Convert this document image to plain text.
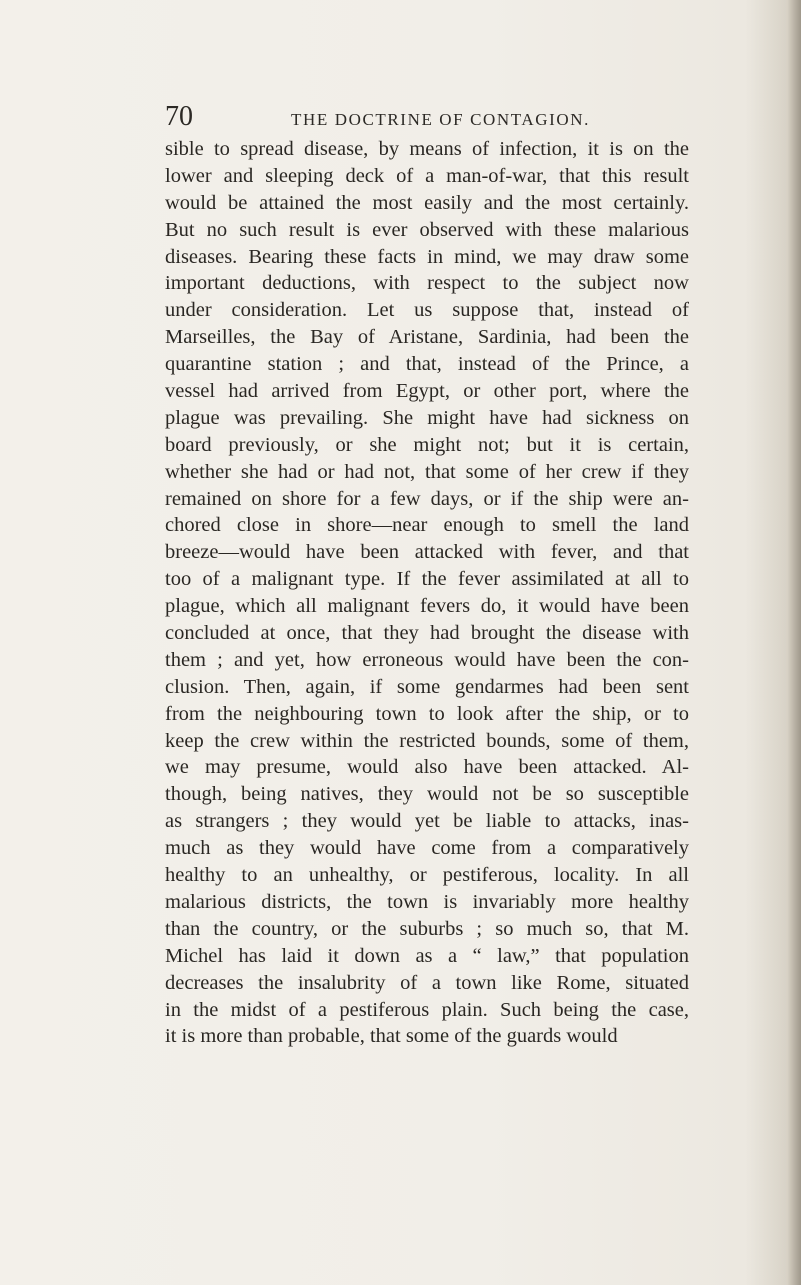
70	THE DOCTRINE OF CONTAGION.
sible to spread disease, by means of infection, it is on the
lower and sleeping deck of a man-of-war, that this result
would be attained the most easily and the most certainly.
But no such result is ever observed with these malarious
diseases. Bearing these facts in mind, we may draw some
important deductions, with respect to the subject now
under consideration. Let us suppose that, instead of
Marseilles, the Bay of Aristane, Sardinia, had been the
quarantine station ; and that, instead of the Prince, a
vessel had arrived from Egypt, or other port, where the
plague was prevailing. She might have had sickness on
board previously, or she might not; but it is certain,
whether she had or had not, that some of her crew if they
remained on shore for a few days, or if the ship were an-
chored close in shore—near enough to smell the land
breeze—would have been attacked with fever, and that
too of a malignant type. If the fever assimilated at all to
plague, which all malignant fevers do, it would have been
concluded at once, that they had brought the disease with
them ; and yet, how erroneous would have been the con-
clusion. Then, again, if some gendarmes had been sent
from the neighbouring town to look after the ship, or to
keep the crew within the restricted bounds, some of them,
we may presume, would also have been attacked. Al-
though, being natives, they would not be so susceptible
as strangers ; they would yet be liable to attacks, inas-
much as they would have come from a comparatively
healthy to an unhealthy, or pestiferous, locality. In all
malarious districts, the town is invariably more healthy
than the country, or the suburbs ; so much so, that M.
Michel has laid it down as a “ law,” that population
decreases the insalubrity of a town like Rome, situated
in the midst of a pestiferous plain. Such being the case,
it is more than probable, that some of the guards would
